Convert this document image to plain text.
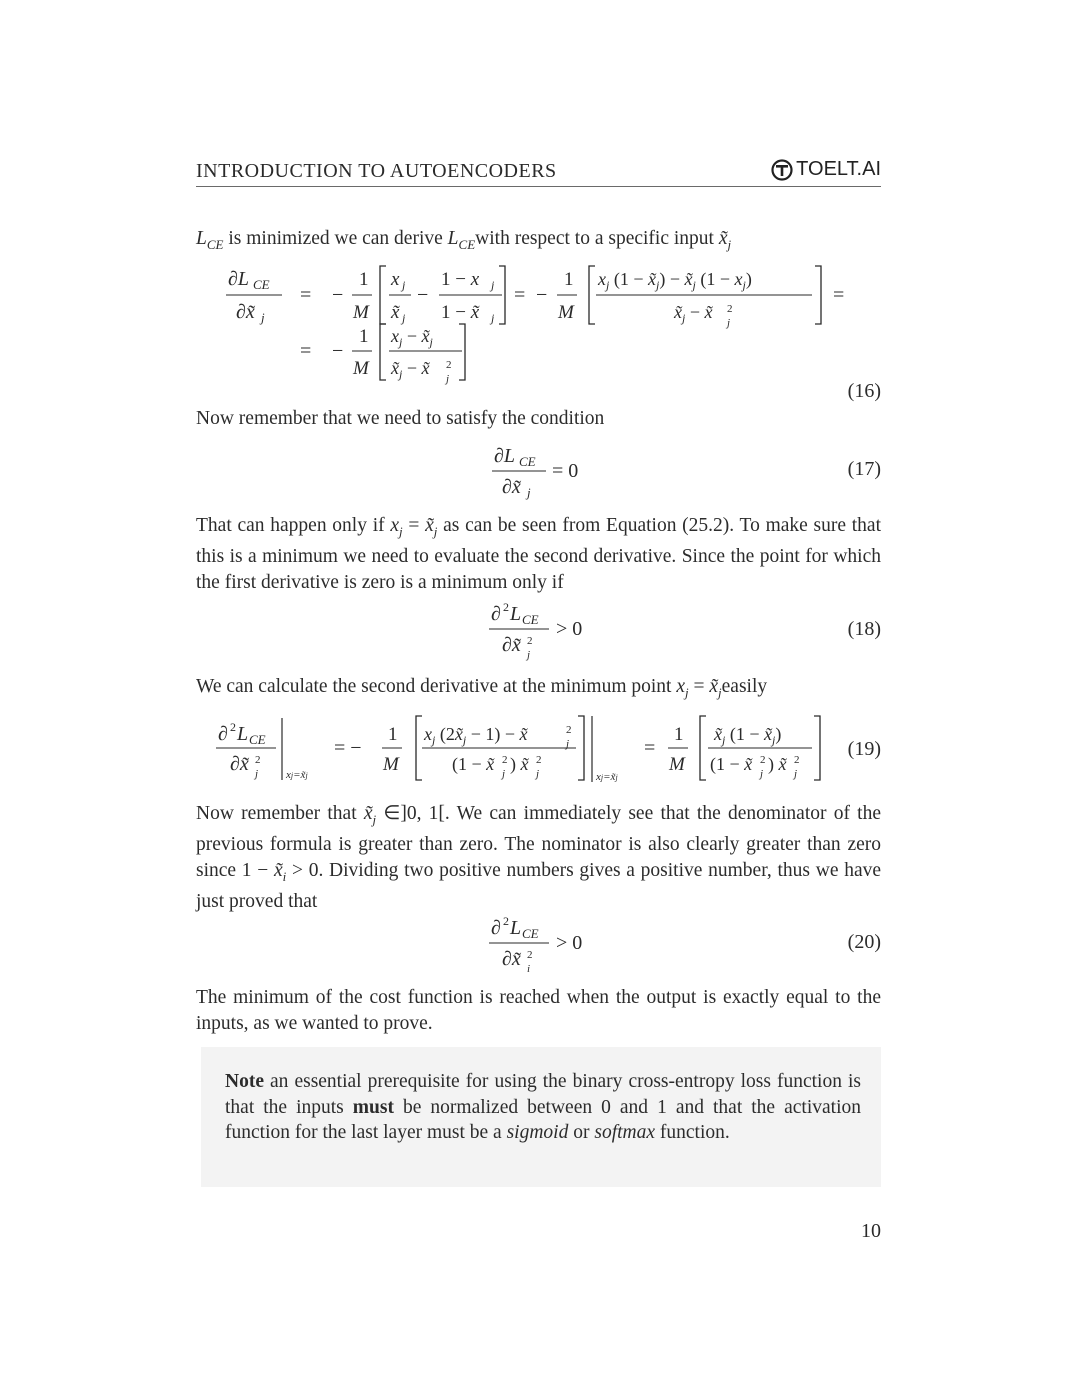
INTRODUCTION TO AUTOENCODERS	TOELT.AI
$L_{CE}$ is minimized we can derive $L_{CE}with$ respect to a specific input $x̃_j$
∂L CE
∂x̃ j
= −
1
M
x j
x̃ j
−
1 − x j
1 − x̃ j
= −
1
M
$x_j$ $(1 - x̃_j)$ − $x̃_j$ $(1 - x_j)$
$x̃_j$ − x̃ 2
j
=
= −
1
M
$x_j$ − $x̃_j$
$x̃_j$ − x̃ 2
j
(16)
Now remember that we need to satisfy the condition
∂L CE
∂x̃ j
= 0	(17)
That can happen only if $x_j$ = $x̃_j$ as can be seen from Equation (25.2). To make sure that this is a minimum we need to evaluate the second derivative. Since the point for which the first derivative is zero is a minimum only if
∂ 2 L CE
∂x̃ 2
j
> 0	(18)
We can calculate the second derivative at the minimum point $x_j$ = $x̃_jeasily$
∂ 2 L CE
∂x̃ 2
j	xj=x̃j
= −
1
M
$x_j$ $(2x̃_j - 1)$ − x̃	2
j
(1 − x̃ 2
j ) x̃ 2
j	xj=x̃j
=
1
M
$x̃_j$ $(1 - x̃_j)$
(1 − x̃ 2
j ) x̃ 2
j
(19)
Now remember that $x̃_j$ ∈]0, 1[. We can immediately see that the denominator of the previous formula is greater than zero. The nominator is also clearly greater than zero since $1 - x̃_i > 0$. Dividing two positive numbers gives a positive number, thus we have just proved that
∂ 2 L CE
∂x̃ 2
i
> 0	(20)
The minimum of the cost function is reached when the output is exactly equal to the inputs, as we wanted to prove.
Note an essential prerequisite for using the binary cross-entropy loss function is that the inputs must be normalized between 0 and 1 and that the activation function for the last layer must be a sigmoid or softmax function.
10
